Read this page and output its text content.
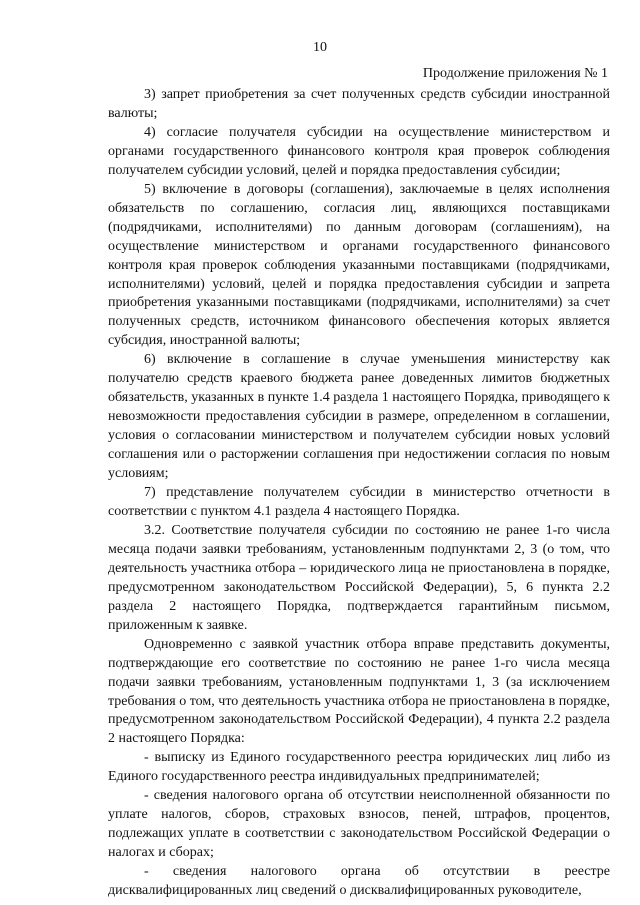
10
Продолжение приложения № 1

3) запрет приобретения за счет полученных средств субсидии иностранной валюты;

4) согласие получателя субсидии на осуществление министерством и органами государственного финансового контроля края проверок соблюдения получателем субсидии условий, целей и порядка предоставления субсидии;

5) включение в договоры (соглашения), заключаемые в целях исполнения обязательств по соглашению, согласия лиц, являющихся поставщиками (подрядчиками, исполнителями) по данным договорам (соглашениям), на осуществление министерством и органами государственного финансового контроля края проверок соблюдения указанными поставщиками (подрядчиками, исполнителями) условий, целей и порядка предоставления субсидии и запрета приобретения указанными поставщиками (подрядчиками, исполнителями) за счет полученных средств, источником финансового обеспечения которых является субсидия, иностранной валюты;

6) включение в соглашение в случае уменьшения министерству как получателю средств краевого бюджета ранее доведенных лимитов бюджетных обязательств, указанных в пункте 1.4 раздела 1 настоящего Порядка, приводящего к невозможности предоставления субсидии в размере, определенном в соглашении, условия о согласовании министерством и получателем субсидии новых условий соглашения или о расторжении соглашения при недостижении согласия по новым условиям;

7) представление получателем субсидии в министерство отчетности в соответствии с пунктом 4.1 раздела 4 настоящего Порядка.

3.2. Соответствие получателя субсидии по состоянию не ранее 1-го числа месяца подачи заявки требованиям, установленным подпунктами 2, 3 (о том, что деятельность участника отбора – юридического лица не приостановлена в порядке, предусмотренном законодательством Российской Федерации), 5, 6 пункта 2.2 раздела 2 настоящего Порядка, подтверждается гарантийным письмом, приложенным к заявке.

Одновременно с заявкой участник отбора вправе представить документы, подтверждающие его соответствие по состоянию не ранее 1-го числа месяца подачи заявки требованиям, установленным подпунктами 1, 3 (за исключением требования о том, что деятельность участника отбора не приостановлена в порядке, предусмотренном законодательством Российской Федерации), 4 пункта 2.2 раздела 2 настоящего Порядка:

- выписку из Единого государственного реестра юридических лиц либо из Единого государственного реестра индивидуальных предпринимателей;

- сведения налогового органа об отсутствии неисполненной обязанности по уплате налогов, сборов, страховых взносов, пеней, штрафов, процентов, подлежащих уплате в соответствии с законодательством Российской Федерации о налогах и сборах;

- сведения налогового органа об отсутствии в реестре дисквалифицированных лиц сведений о дисквалифицированных руководителе,
